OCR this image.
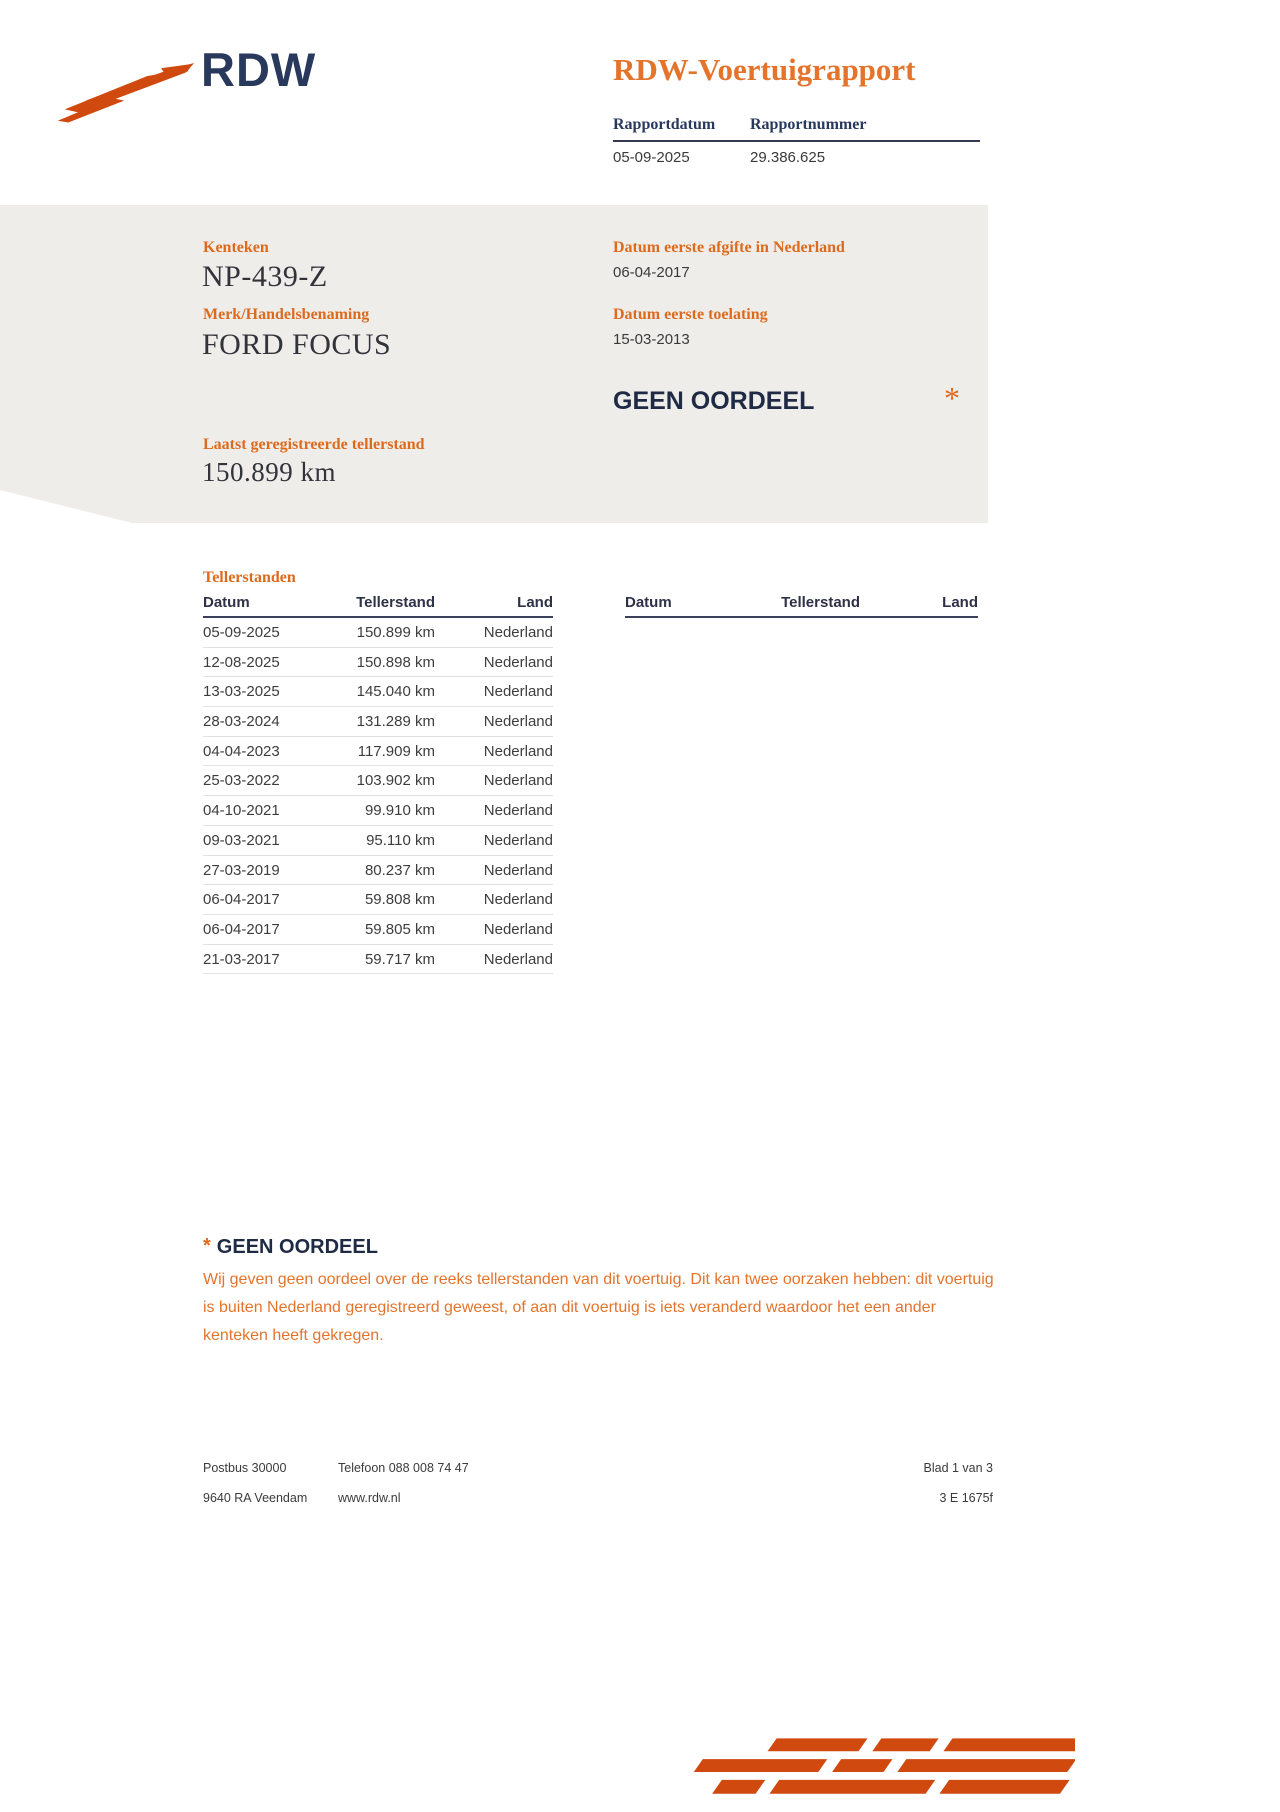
RDW	RDW-Voertuigrapport
Rapportdatum	Rapportnummer
05-09-2025	29.386.625
Kenteken
NP-439-Z
Merk/Handelsbenaming
FORD FOCUS
Datum eerste afgifte in Nederland
06-04-2017
Datum eerste toelating
15-03-2013
GEEN OORDEEL	*
Laatst geregistreerde tellerstand
150.899 km
Tellerstanden
Datum	Tellerstand	Land
05-09-2025	150.899 km	Nederland
12-08-2025	150.898 km	Nederland
13-03-2025	145.040 km	Nederland
28-03-2024	131.289 km	Nederland
04-04-2023	117.909 km	Nederland
25-03-2022	103.902 km	Nederland
04-10-2021	99.910 km	Nederland
09-03-2021	95.110 km	Nederland
27-03-2019	80.237 km	Nederland
06-04-2017	59.808 km	Nederland
06-04-2017	59.805 km	Nederland
21-03-2017	59.717 km	Nederland
Datum	Tellerstand	Land
* GEEN OORDEEL
Wij geven geen oordeel over de reeks tellerstanden van dit voertuig. Dit kan twee oorzaken hebben: dit voertuig is buiten Nederland geregistreerd geweest, of aan dit voertuig is iets veranderd waardoor het een ander kenteken heeft gekregen.
Postbus 30000	Telefoon 088 008 74 47	Blad 1 van 3
9640 RA Veendam www.rdw.nl	3 E 1675f
